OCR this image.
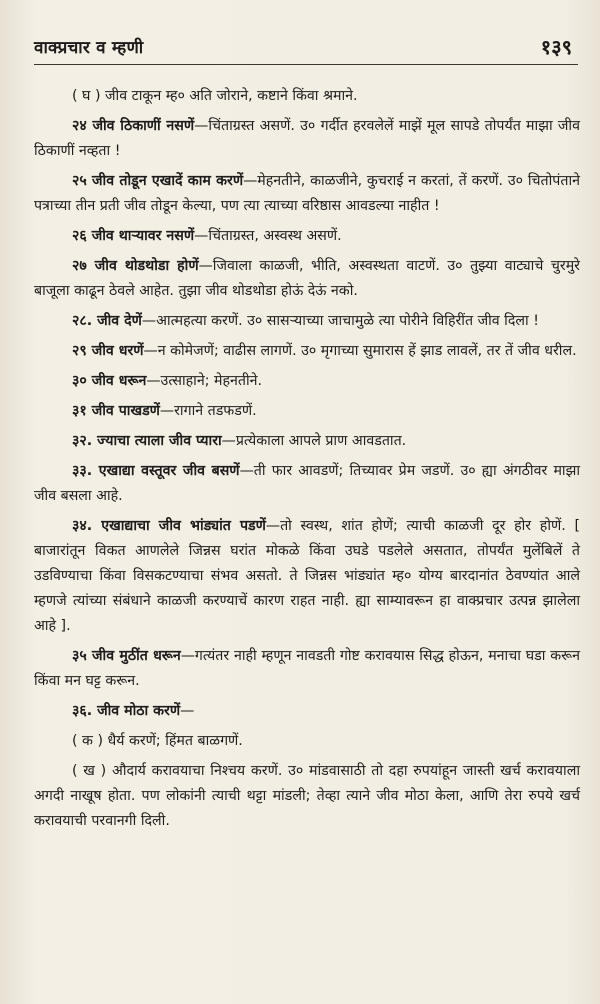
वाक्प्रचार व म्हणी	१३९

( घ ) जीव टाकून म्ह० अति जोराने, कष्टाने किंवा श्रमाने.

२४ जीव ठिकाणीं नसणें—चिंताग्रस्त असणें. उ० गर्दीत हरवलेलें माझें मूल सापडे तोपर्यंत माझा जीव ठिकाणीं नव्हता !

२५ जीव तोडून एखादें काम करणें—मेहनतीने, काळजीने, कुचराई न करतां, तें करणें. उ० चितोपंताने पत्राच्या तीन प्रती जीव तोडून केल्या, पण त्या त्याच्या वरिष्ठास आवडल्या नाहीत !

२६ जीव थाऱ्यावर नसणें—चिंताग्रस्त, अस्वस्थ असणें.

२७ जीव थोडथोडा होणें—जिवाला काळजी, भीति, अस्वस्थता वाटणें. उ० तुझ्या वाट्याचे चुरमुरे बाजूला काढून ठेवले आहेत. तुझा जीव थोडथोडा होऊं देऊं नको.

२८. जीव देणें—आत्महत्या करणें. उ० सासऱ्याच्या जाचामुळे त्या पोरीने विहिरींत जीव दिला !

२९ जीव धरणें—न कोमेजणें; वाढीस लागणें. उ० मृगाच्या सुमारास हें झाड लावलें, तर तें जीव धरील.

३० जीव धरून—उत्साहाने; मेहनतीने.

३१ जीव पाखडणें—रागाने तडफडणें.

३२. ज्याचा त्याला जीव प्यारा—प्रत्येकाला आपले प्राण आवडतात.

३३. एखाद्या वस्तूवर जीव बसणें—ती फार आवडणें; तिच्यावर प्रेम जडणें. उ० ह्या अंगठीवर माझा जीव बसला आहे.

३४. एखाद्याचा जीव भांड्यांत पडणें—तो स्वस्थ, शांत होणें; त्याची काळजी दूर होर होणें. [ बाजारांतून विकत आणलेले जिन्नस घरांत मोकळे किंवा उघडे पडलेले असतात, तोपर्यंत मुलेंबिलें ते उडविण्याचा किंवा विसकटण्याचा संभव असतो. ते जिन्नस भांड्यांत म्ह० योग्य बारदानांत ठेवण्यांत आले म्हणजे त्यांच्या संबंधाने काळजी करण्याचें कारण राहत नाही. ह्या साम्यावरून हा वाक्प्रचार उत्पन्न झालेला आहे ].

३५ जीव मुठींत धरून—गत्यंतर नाही म्हणून नावडती गोष्ट करावयास सिद्ध होऊन, मनाचा घडा करून किंवा मन घट्ट करून.

३६. जीव मोठा करणें—

( क ) धैर्य करणें; हिंमत बाळगणें.

( ख ) औदार्य करावयाचा निश्चय करणें. उ० मांडवासाठी तो दहा रुपयांहून जास्ती खर्च करावयाला अगदी नाखूष होता. पण लोकांनी त्याची थट्टा मांडली; तेव्हा त्याने जीव मोठा केला, आणि तेरा रुपये खर्च करावयाची परवानगी दिली.
